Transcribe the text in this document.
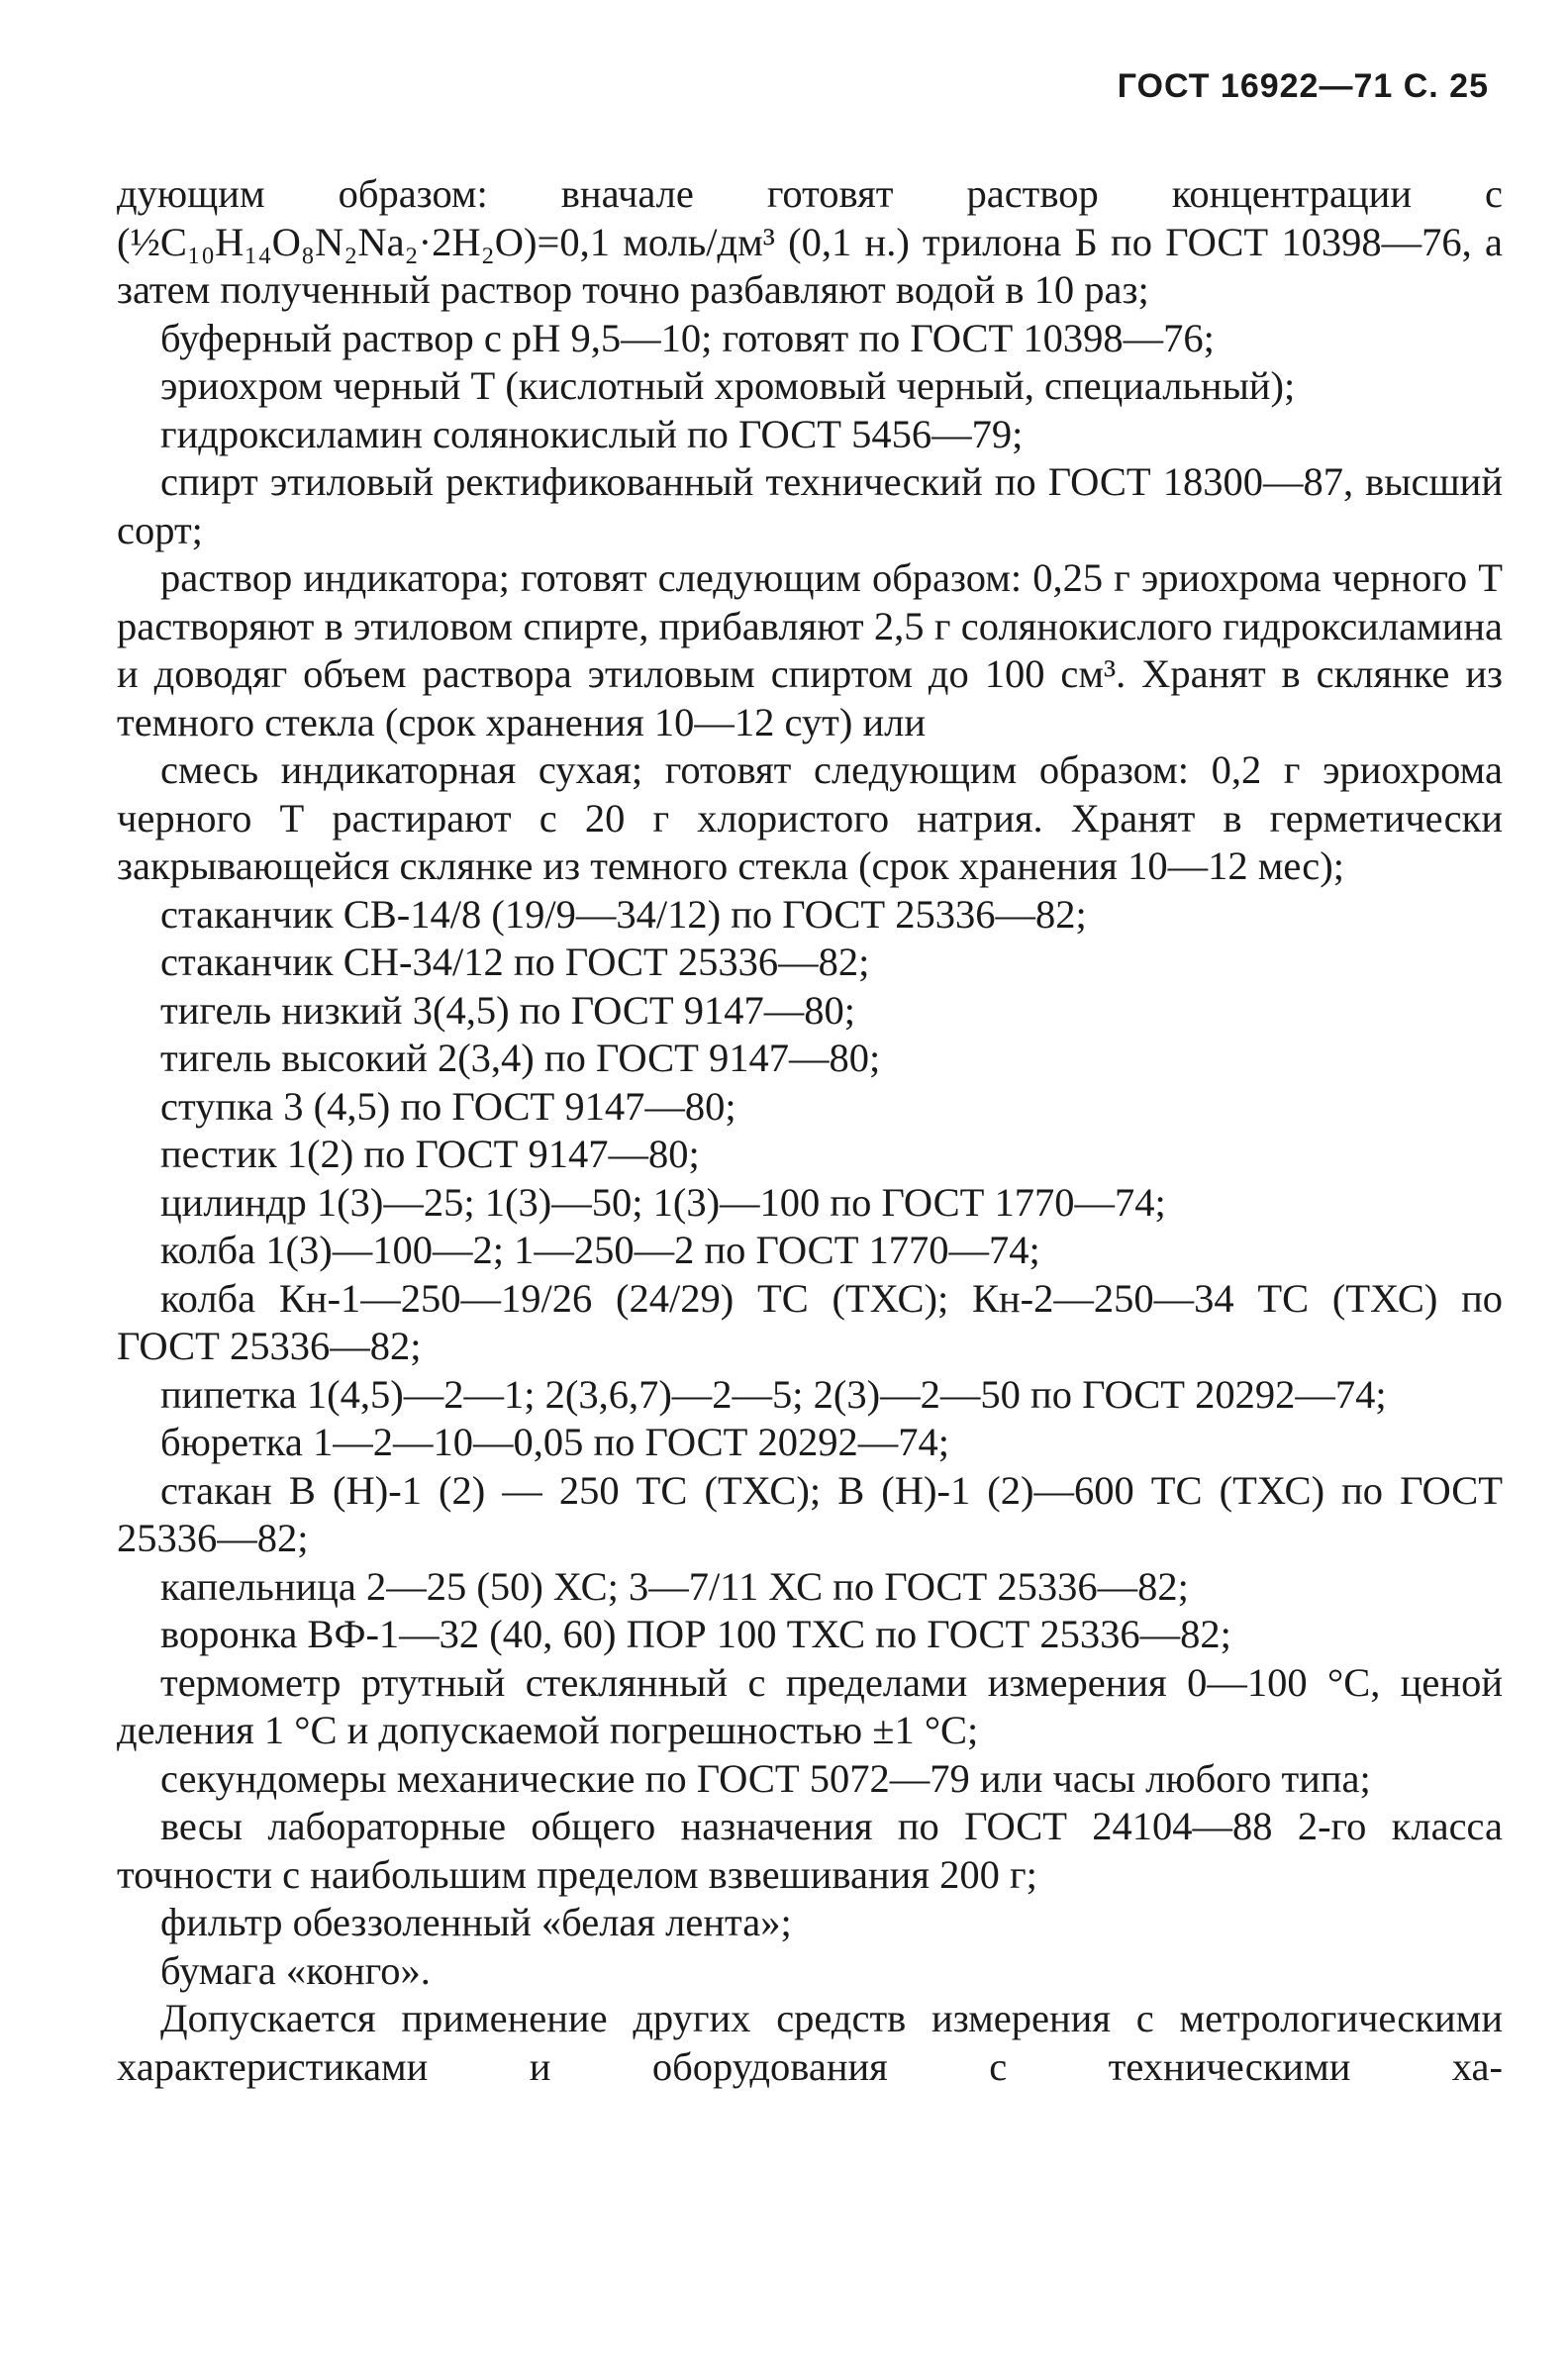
ГОСТ 16922—71 С. 25

дующим образом: вначале готовят раствор концентрации c (½C₁₀H₁₄O₈N₂Na₂·2H₂O)=0,1 моль/дм³ (0,1 н.) трилона Б по ГОСТ 10398—76, а затем полученный раствор точно разбавляют водой в 10 раз;

буферный раствор с pH 9,5—10; готовят по ГОСТ 10398—76;

эриохром черный Т (кислотный хромовый черный, специальный);

гидроксиламин солянокислый по ГОСТ 5456—79;

спирт этиловый ректификованный технический по ГОСТ 18300—87, высший сорт;

раствор индикатора; готовят следующим образом: 0,25 г эриохрома черного Т растворяют в этиловом спирте, прибавляют 2,5 г солянокислого гидроксиламина и доводяг объем раствора этиловым спиртом до 100 см³. Хранят в склянке из темного стекла (срок хранения 10—12 сут) или

смесь индикаторная сухая; готовят следующим образом: 0,2 г эриохрома черного Т растирают с 20 г хлористого натрия. Хранят в герметически закрывающейся склянке из темного стекла (срок хранения 10—12 мес);

стаканчик СВ-14/8 (19/9—34/12) по ГОСТ 25336—82;

стаканчик СН-34/12 по ГОСТ 25336—82;

тигель низкий 3(4,5) по ГОСТ 9147—80;

тигель высокий 2(3,4) по ГОСТ 9147—80;

ступка 3 (4,5) по ГОСТ 9147—80;

пестик 1(2) по ГОСТ 9147—80;

цилиндр 1(3)—25; 1(3)—50; 1(3)—100 по ГОСТ 1770—74;

колба 1(3)—100—2; 1—250—2 по ГОСТ 1770—74;

колба Кн-1—250—19/26 (24/29) ТС (ТХС); Кн-2—250—34 ТС (ТХС) по ГОСТ 25336—82;

пипетка 1(4,5)—2—1; 2(3,6,7)—2—5; 2(3)—2—50 по ГОСТ 20292—74;

бюретка 1—2—10—0,05 по ГОСТ 20292—74;

стакан В (Н)-1 (2) — 250 ТС (ТХС); В (Н)-1 (2)—600 ТС (ТХС) по ГОСТ 25336—82;

капельница 2—25 (50) ХС; 3—7/11 ХС по ГОСТ 25336—82;

воронка ВФ-1—32 (40, 60) ПОР 100 ТХС по ГОСТ 25336—82;

термометр ртутный стеклянный с пределами измерения 0—100 °С, ценой деления 1 °С и допускаемой погрешностью ±1 °С;

секундомеры механические по ГОСТ 5072—79 или часы любого типа;

весы лабораторные общего назначения по ГОСТ 24104—88 2-го класса точности с наибольшим пределом взвешивания 200 г;

фильтр обеззоленный «белая лента»;

бумага «конго».

Допускается применение других средств измерения с метрологическими характеристиками и оборудования с техническими ха-
